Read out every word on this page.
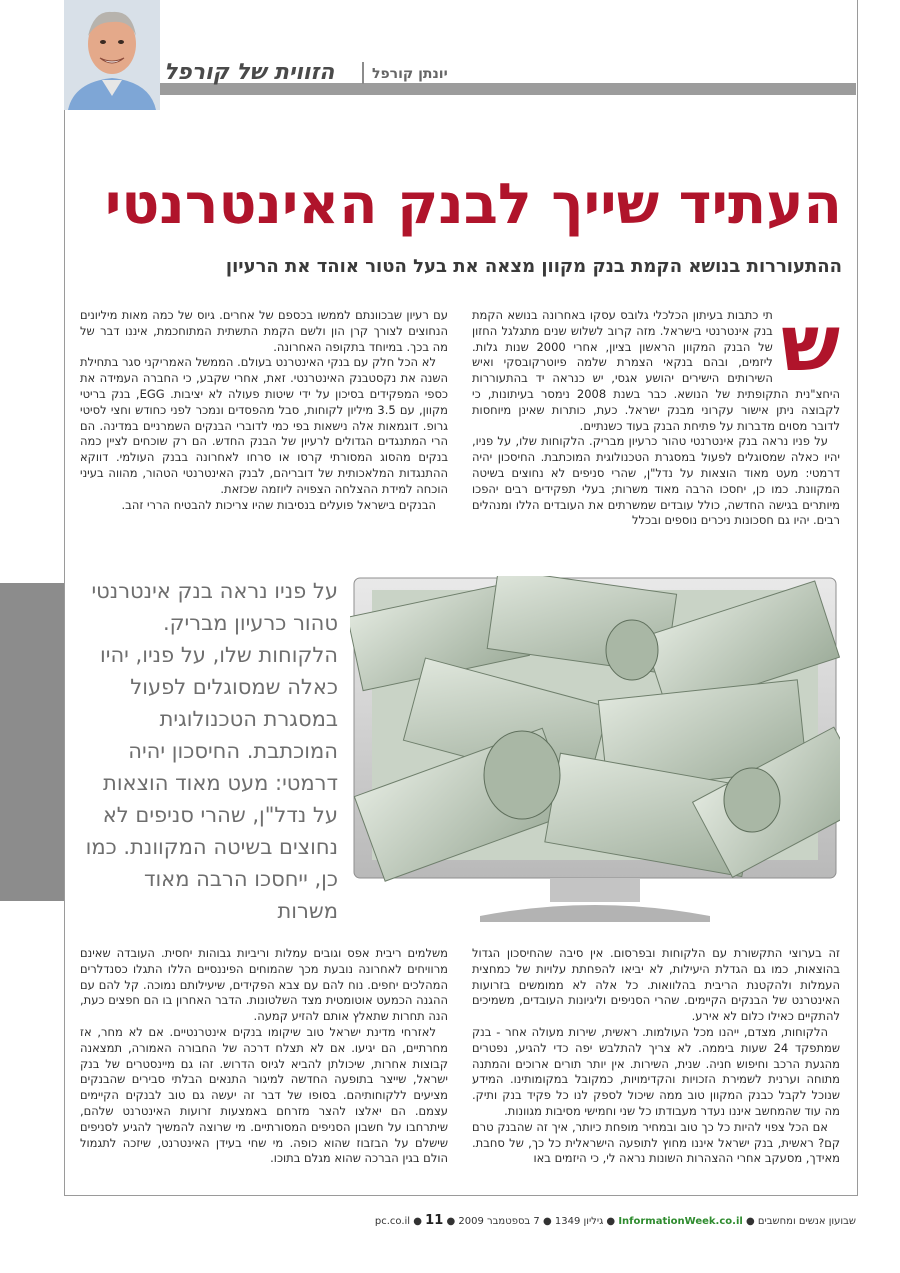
הזווית של קורפל	יונתן קורפל
העתיד שייך לבנק האינטרנטי
ההתעוררות בנושא הקמת בנק מקוון מצאה את בעל הטור אוהד את הרעיון

ש
תי כתבות בעיתון הכלכלי גלובס עסקו באחרונה בנושא הקמת בנק אינטרנטי בישראל. מזה קרוב לשלוש שנים מתגלגל החזון של הבנק המקוון הראשון בציון, אחרי 2000 שנות גלות. ליזמים, ובהם בנקאי הצמרת שלמה פיוטרקובסקי ואיש השירותים הישירים יהושע אגסי, יש כנראה יד בהתעוררות היחצ"נית התקופתית של הנושא. כבר בשנת 2008 נימסר בעיתונות, כי לקבוצה ניתן אישור עקרוני מבנק ישראל. כעת, כותרות שאינן מיוחסות לדובר מסוים מדברות על פתיחת הבנק בעוד כשנתיים.

על פניו נראה בנק אינטרנטי טהור כרעיון מבריק. הלקוחות שלו, על פניו, יהיו כאלה שמסוגלים לפעול במסגרת הטכנולוגית המוכתבת. החיסכון יהיה דרמטי: מעט מאוד הוצאות על נדל"ן, שהרי סניפים לא נחוצים בשיטה המקוונת. כמו כן, יחסכו הרבה מאוד משרות; בעלי תפקידים רבים יהפכו מיותרים בגישה החדשה, כולל עובדים שמשרתים את העובדים הללו ומנהלים רבים. יהיו גם חסכונות ניכרים נוספים ובכלל

עם רעיון שבכוונתם לממשו בכספם של אחרים. גיוס של כמה מאות מיליונים הנחוצים לצורך קרן הון ולשם הקמת התשתית המתוחכמת, איננו דבר של מה בכך. במיוחד בתקופה האחרונה.

לא הכל חלק עם בנקי האינטרנט בעולם. הממשל האמריקני סגר בתחילת השנה את נקסטבנק האינטרנטי. זאת, אחרי שקבע, כי החברה העמידה את כספי המפקידים בסיכון על ידי שיטות פעולה לא יציבות. EGG, בנק בריטי מקוון, עם 3.5 מיליון לקוחות, סבל מהפסדים ונמכר לפני כחודש וחצי לסיטי גרופ. דוגמאות אלה נישאות בפי כמי לדוברי הבנקים השמרניים במדינה. הם הרי המתנגדים הגדולים לרעיון של הבנק החדש. הם רק שוכחים לציין כמה בנקים מהסוג המסורתי קרסו או סרחו לאחרונה בבנק העולמי. דווקא ההתנגדות המלאכותית של דובריהם, לבנק האינטרנטי הטהור, מהווה בעיני הוכחה למידת ההצלחה הצפויה ליוזמה שכזאת.

הבנקים בישראל פועלים בנסיבות שהיו צריכות להבטיח הררי זהב.

על פניו נראה בנק אינטרנטי טהור כרעיון מבריק. הלקוחות שלו, על פניו, יהיו כאלה שמסוגלים לפעול במסגרת הטכנולוגית המוכתבת. החיסכון יהיה דרמטי: מעט מאוד הוצאות על נדל"ן, שהרי סניפים לא נחוצים בשיטה המקוונת. כמו כן, ייחסכו הרבה מאוד משרות

זה בערוצי התקשורת עם הלקוחות ובפרסום. אין סיבה שהחיסכון הגדול בהוצאות, כמו גם הגדלת היעילות, לא יביאו להפחתת עלויות של כמחצית העמלות ולהקטנת הריבית בהלוואות. כל אלה לא ממומשים בזרועות האינטרנט של הבנקים הקיימים. שהרי הסניפים וליגיונות העובדים, משמיכים להתקיים כאילו כלום לא אירע.

הלקוחות, מצדם, ייהנו מכל העולמות. ראשית, שירות מעולה אחר - בנק שמתפקד 24 שעות ביממה. לא צריך להתלבש יפה כדי להגיע, נפטרים מהגעת הרכב וחיפוש חניה. שנית, השירות. אין יותר תורים ארוכים והמתנה מתוחה וערנית לשמירת הזכויות והקדימויות, כמקובל במקומותינו. המידע שנוכל לקבל כבנק המקוון טוב ממה שיכול לספק לנו כל פקיד בנק ותיק. מה עוד שהמחשב איננו נעדר מעבודתו כל שני וחמישי מסיבות מגוונות.

אם הכל צפוי להיות כל כך טוב ובמחיר מופחת כיותר, איך זה שהבנק טרם קם? ראשית, בנק ישראל איננו מחוץ לתופעה הישראלית כל כך, של סחבת. מאידך, מסעקב אחרי ההצהרות השונות נראה לי, כי היזמים באו

משלמים ריבית אפס וגובים עמלות וריביות גבוהות יחסית. העובדה שאינם מרוויחים לאחרונה נובעת מכך שהמוחים הפיננסיים הללו התגלו כסנדלרים המהלכים יחפים. נוח להם עם צבא הפקידים, שיעילותם נמוכה. קל להם עם ההגנה הכמעט אוטומטית מצד השלטונות. הדבר האחרון בו הם חפצים כעת, הנה תחרות שתאלץ אותם להזיע קמעה.

לאזרחי מדינת ישראל טוב שיקומו בנקים אינטרנטיים. אם לא מחר, אז מחרתיים, הם יגיעו. אם לא תצלח דרכה של החבורה האמורה, תמצאנה קבוצות אחרות, שיכולתן להביא לגיוס הדרוש. זהו גם מיינסטרים של בנק ישראל, שייצר בתופעה החדשה למיגור התנאים הבלתי סבירים שהבנקים מציעים ללקוחותיהם. בסופו של דבר זה יעשה גם טוב לבנקים הקיימים עצמם. הם יאלצו להצר מזרחם באמצעות זרועות האינטרנט שלהם, שיתרחבו על חשבון הסניפים המסורתיים. מי שרוצה להמשיך להגיע לסניפים שישלם על הבזבוז שהוא כופה. מי שחי בעידן האינטרנט, שיזכה לתגמול הולם בגין הברכה שהוא מגלם בתוכו.

שבועון אנשים ומחשבים ● InformationWeek.co.il ● גיליון 1349 ● 7 בספטמבר 2009 ● pc.co.il ● 11
